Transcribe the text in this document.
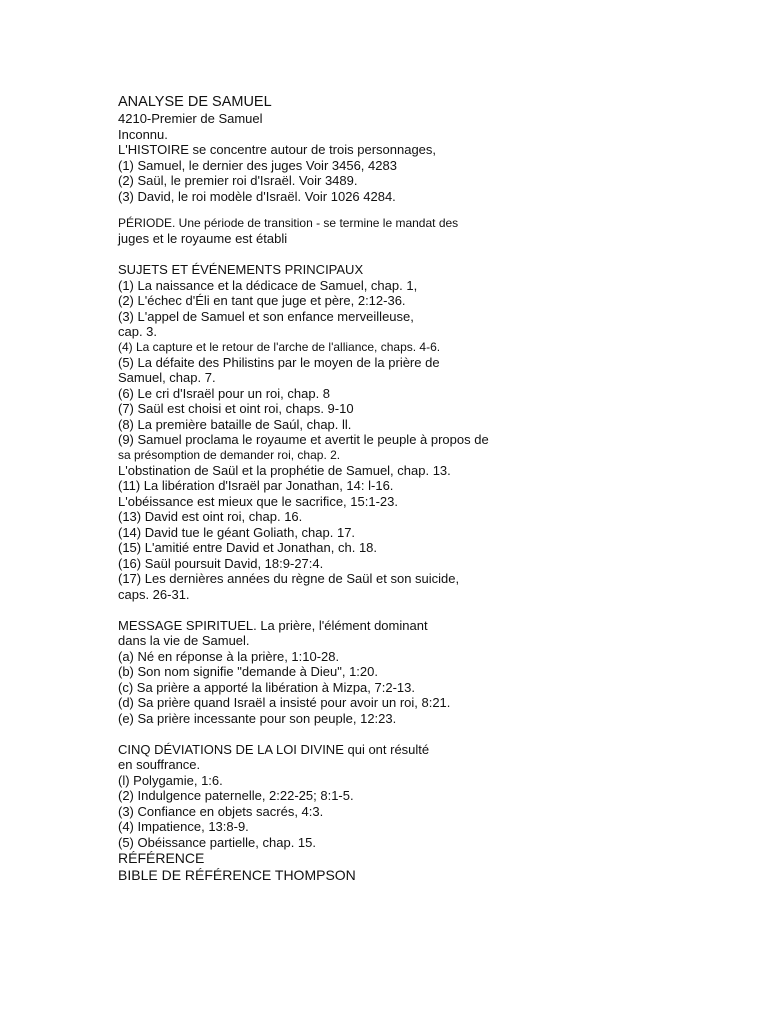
ANALYSE DE SAMUEL
4210-Premier de Samuel
Inconnu.
L'HISTOIRE se concentre autour de trois personnages,
(1) Samuel, le dernier des juges Voir 3456, 4283
(2) Saül, le premier roi d'Israël. Voir 3489.
(3) David, le roi modèle d'Israël. Voir 1026 4284.
PÉRIODE. Une période de transition - se termine le mandat des
juges et le royaume est établi
SUJETS ET ÉVÉNEMENTS PRINCIPAUX
(1) La naissance et la dédicace de Samuel, chap. 1,
(2) L'échec d'Éli en tant que juge et père, 2:12-36.
(3) L'appel de Samuel et son enfance merveilleuse,
cap. 3.
(4) La capture et le retour de l'arche de l'alliance, chaps. 4-6.
(5) La défaite des Philistins par le moyen de la prière de
Samuel, chap. 7.
(6) Le cri d'Israël pour un roi, chap. 8
(7) Saül est choisi et oint roi, chaps. 9-10
(8) La première bataille de Saúl, chap. ll.
(9) Samuel proclama le royaume et avertit le peuple à propos de
sa présomption de demander roi, chap. 2.
L'obstination de Saül et la prophétie de Samuel, chap. 13.
(11) La libération d'Israël par Jonathan, 14: l-16.
L'obéissance est mieux que le sacrifice, 15:1-23.
(13) David est oint roi, chap. 16.
(14) David tue le géant Goliath, chap. 17.
(15) L'amitié entre David et Jonathan, ch. 18.
(16) Saül poursuit David, 18:9-27:4.
(17) Les dernières années du règne de Saül et son suicide,
caps. 26-31.
MESSAGE SPIRITUEL. La prière, l'élément dominant
dans la vie de Samuel.
(a) Né en réponse à la prière, 1:10-28.
(b) Son nom signifie "demande à Dieu", 1:20.
(c) Sa prière a apporté la libération à Mizpa, 7:2-13.
(d) Sa prière quand Israël a insisté pour avoir un roi, 8:21.
(e) Sa prière incessante pour son peuple, 12:23.
CINQ DÉVIATIONS DE LA LOI DIVINE qui ont résulté
en souffrance.
(l) Polygamie, 1:6.
(2) Indulgence paternelle, 2:22-25; 8:1-5.
(3) Confiance en objets sacrés, 4:3.
(4) Impatience, 13:8-9.
(5) Obéissance partielle, chap. 15.
RÉFÉRENCE
BIBLE DE RÉFÉRENCE THOMPSON
